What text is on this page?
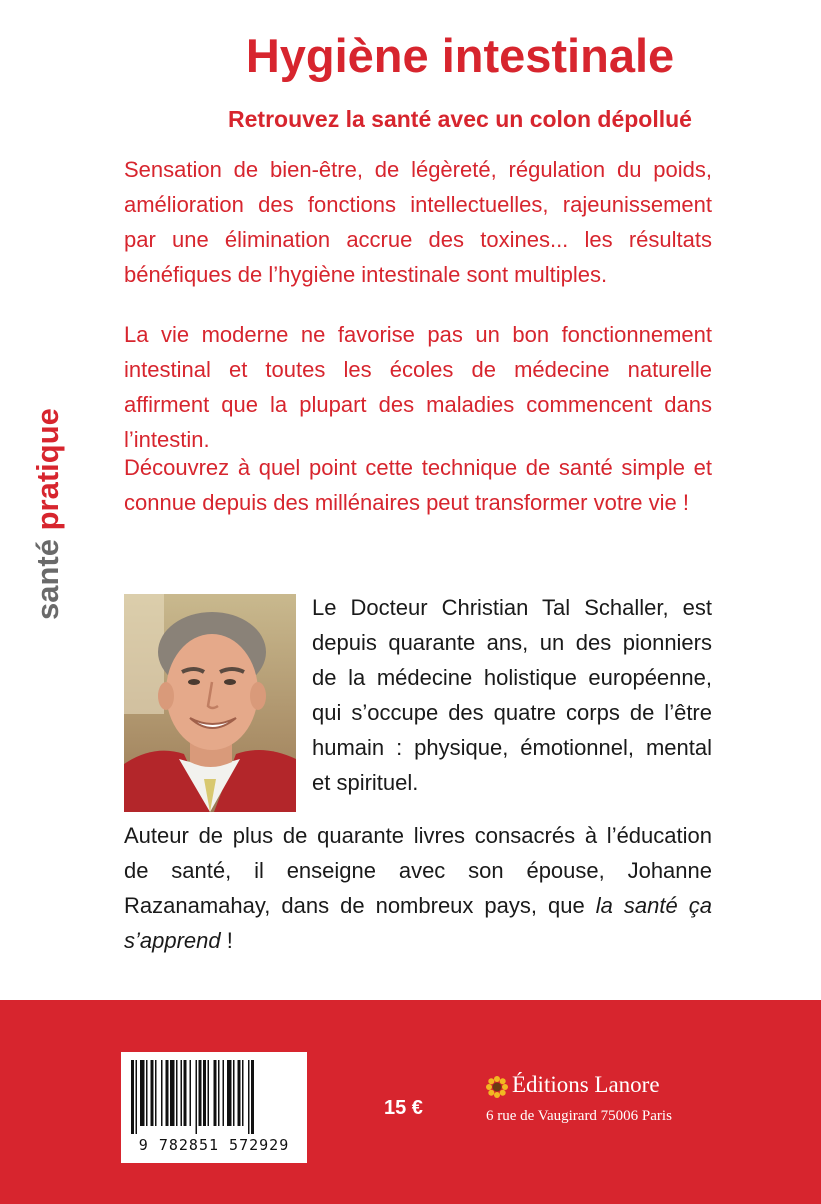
Hygiène intestinale
Retrouvez la santé avec un colon dépollué

Sensation de bien-être, de légèreté, régulation du poids, amélioration des fonctions intellectuelles, rajeunissement par une élimination accrue des toxines... les résultats bénéfiques de l’hygiène intestinale sont multiples.

La vie moderne ne favorise pas un bon fonctionnement intestinal et toutes les écoles de médecine naturelle affirment que la plupart des maladies commencent dans l’intestin.

Découvrez à quel point cette technique de santé simple et connue depuis des millénaires peut transformer votre vie !

santé pratique

Le Docteur Christian Tal Schaller, est depuis quarante ans, un des pionniers de la médecine holistique européenne, qui s’occupe des quatre corps de l’être humain : physique, émotionnel, mental et spirituel.

Auteur de plus de quarante livres consacrés à l’éducation de santé, il enseigne avec son épouse, Johanne Razanamahay, dans de nombreux pays, que la santé ça s’apprend !

9 782851 572929
15 €
Éditions Lanore
6 rue de Vaugirard 75006 Paris
